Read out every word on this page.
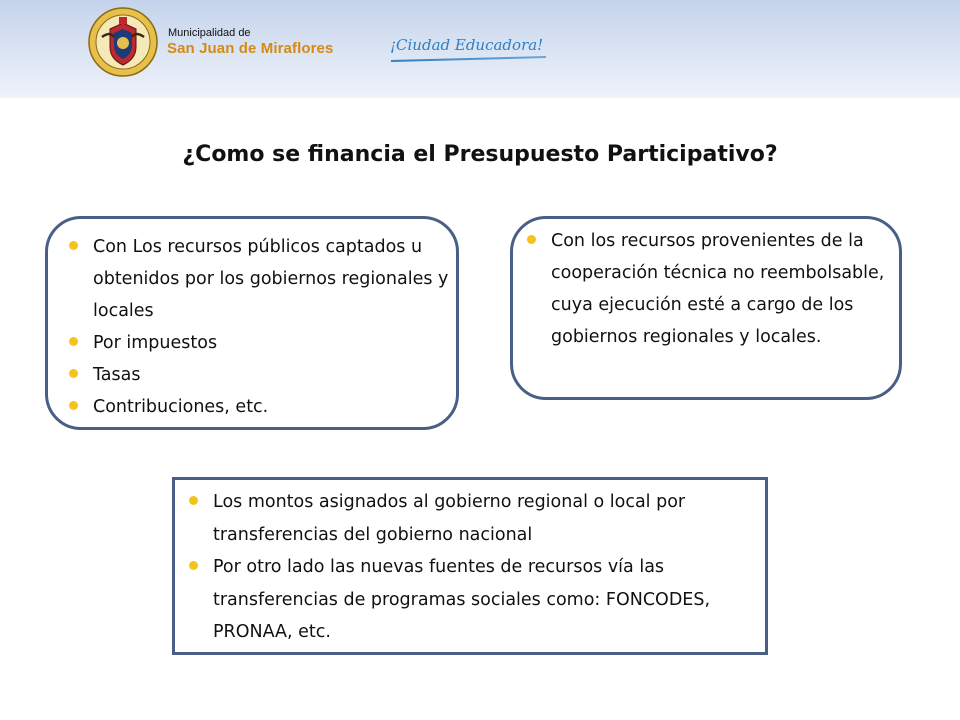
Municipalidad de
San Juan de Miraflores	¡Ciudad Educadora!
¿Como se financia el Presupuesto Participativo?
Con Los recursos públicos captados u obtenidos por los gobiernos regionales y locales
Por impuestos
Tasas
Contribuciones, etc.
Con los recursos provenientes de la cooperación técnica no reembolsable, cuya ejecución esté a cargo de los gobiernos regionales y locales.
Los montos asignados al gobierno regional o local por transferencias del gobierno nacional
Por otro lado las nuevas fuentes de recursos vía las transferencias de programas sociales como: FONCODES, PRONAA, etc.
